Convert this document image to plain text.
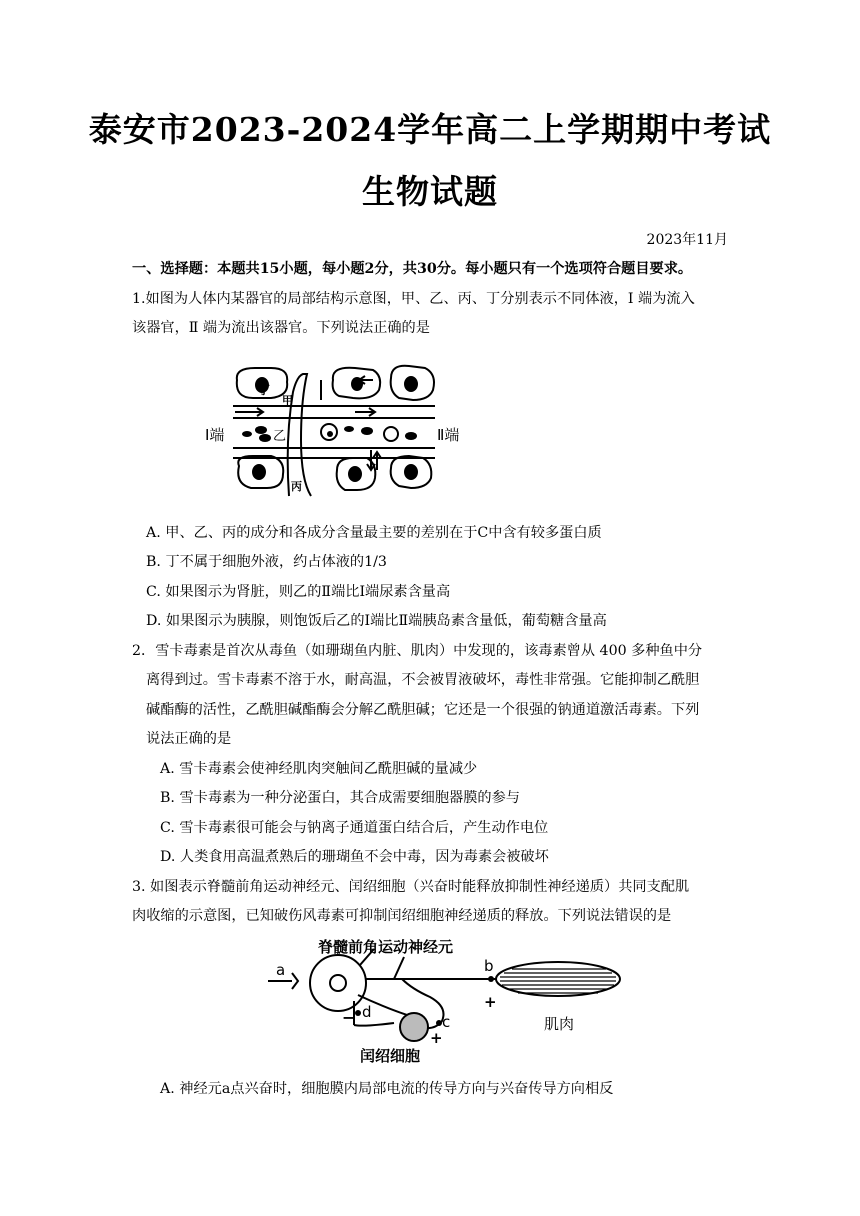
泰安市2023-2024学年高二上学期期中考试
生物试题
2023年11月
一、选择题：本题共15小题，每小题2分，共30分。每小题只有一个选项符合题目要求。
1.如图为人体内某器官的局部结构示意图，甲、乙、丙、丁分别表示不同体液，Ⅰ 端为流入
该器官，Ⅱ 端为流出该器官。下列说法正确的是
Ⅰ端	Ⅱ端
丁
甲
乙
丙
A. 甲、乙、丙的成分和各成分含量最主要的差别在于C中含有较多蛋白质
B. 丁不属于细胞外液，约占体液的1/3
C. 如果图示为肾脏，则乙的Ⅱ端比Ⅰ端尿素含量高
D. 如果图示为胰腺，则饱饭后乙的Ⅰ端比Ⅱ端胰岛素含量低，葡萄糖含量高
2．雪卡毒素是首次从毒鱼（如珊瑚鱼内脏、肌肉）中发现的，该毒素曾从 400 多种鱼中分
离得到过。雪卡毒素不溶于水，耐高温，不会被胃液破坏，毒性非常强。它能抑制乙酰胆
碱酯酶的活性，乙酰胆碱酯酶会分解乙酰胆碱；它还是一个很强的钠通道激活毒素。下列
说法正确的是
A. 雪卡毒素会使神经肌肉突触间乙酰胆碱的量减少
B. 雪卡毒素为一种分泌蛋白，其合成需要细胞器膜的参与
C. 雪卡毒素很可能会与钠离子通道蛋白结合后，产生动作电位
D. 人类食用高温煮熟后的珊瑚鱼不会中毒，因为毒素会被破坏
3. 如图表示脊髓前角运动神经元、闰绍细胞（兴奋时能释放抑制性神经递质）共同支配肌
肉收缩的示意图，已知破伤风毒素可抑制闰绍细胞神经递质的释放。下列说法错误的是
脊髓前角运动神经元
a	b
+
c
+
d
−	肌肉
闰绍细胞
A. 神经元a点兴奋时，细胞膜内局部电流的传导方向与兴奋传导方向相反
